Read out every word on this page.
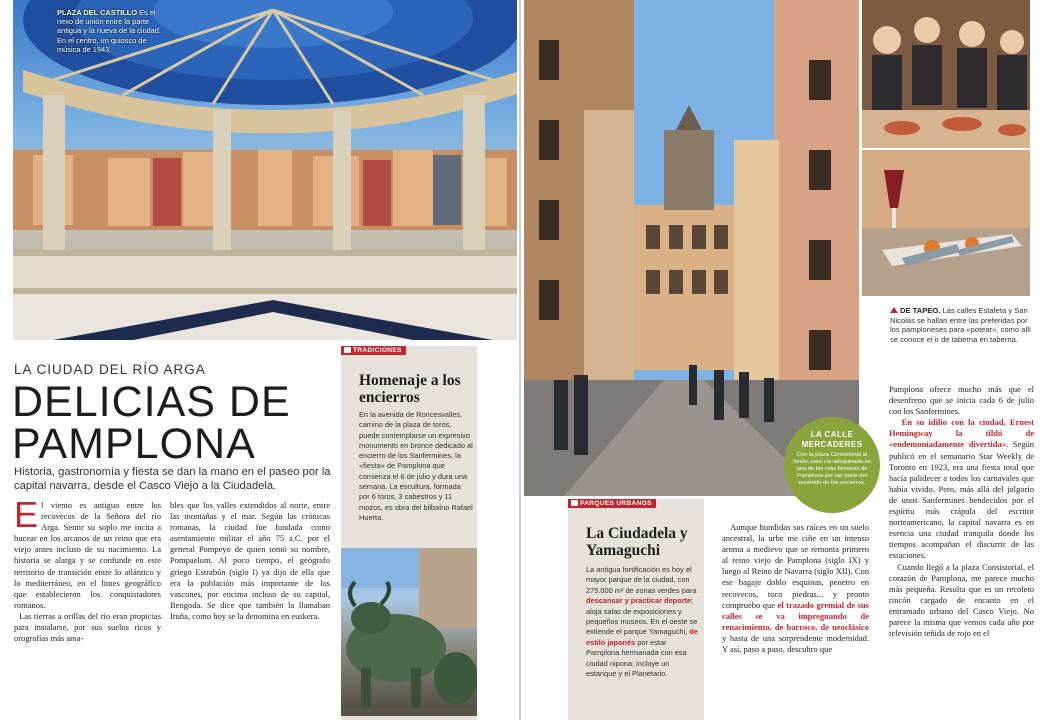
PLAZA DEL CASTILLO Es el nexo de unión entre la parte antigua y la nueva de la ciudad. En el centro, un quiosco de música de 1943.
LA CIUDAD DEL RÍO ARGA
DELICIAS DE
PAMPLONA
Historia, gastronomía y fiesta se dan la mano en el paseo por la capital navarra, desde el Casco Viejo a la Ciudadela.

El viento es antiguo entre los recovecos de la Señora del río Arga. Sentir su soplo me incita a bucear en los arcanos de un reino que era viejo antes incluso de su nacimiento. La historia se alarga y se confunde en este territorio de transición entre lo atlántico y lo mediterráneo, en el limes geográfico que establecieron los conquistadores romanos.

Las tierras a orillas del río eran propicias para instalarse, por sus suelos ricos y orografías más ama-

bles que los valles extendidos al norte, entre las montañas y el mar. Según las crónicas romanas, la ciudad fue fundada como asentamiento militar el año 75 a.C. por el general Pompeyo de quien tomó su nombre, Pompaelum. Al poco tiempo, el geógrafo griego Estrabón (siglo I) ya dijo de ella que era la población más importante de los vascones, por encima incluso de su capital, Bengoda. Se dice que también la llamaban Iruña, como hoy se la denomina en euskera.

TRADICIONES
Homenaje a los encierros
En la avenida de Roncesvalles, camino de la plaza de toros, puede contemplarse un expresivo monumento en bronce dedicado al encierro de los Sanfermines, la «fiesta» de Pamplona que comienza el 6 de julio y dura una semana. La escultura, formada por 6 toros, 3 cabestros y 11 mozos, es obra del bilbaíno Rafael Huerta.
DE TAPEO. Las calles Estafeta y San Nicolás se hallan entre las preferidas por los pamploneses para «potear», como allí se conoce el ir de taberna en taberna.
LA CALLE
MERCADERES
Con la plaza Consistorial al fondo, esta vía adoquinada es una de las más famosas de Pamplona por ser parte del recorrido de los encierros.
PARQUES URBANOS
La Ciudadela y Yamaguchi
La antigua fortificación es hoy el mayor parque de la ciudad, con 275.000 m² de zonas verdes para descansar y practicar deporte; aloja salas de exposiciones y pequeños museos. En el oeste se extiende el parque Yamaguchi, de estilo japonés por estar Pamplona hermanada con esa ciudad nipona; incluye un estanque y el Planetario.

Aunque hundidas sus raíces en un suelo ancestral, la urbe me ciñe en un intenso aroma a medievo que se remonta primero al reino viejo de Pamplona (siglo IX) y luego al Reino de Navarra (siglo XII). Con ese bagaje doblo esquinas, penetro en recovecos, toco piedras... y pronto compruebo que el trazado gremial de sus calles se va impregnando de renacimiento, de barroco, de neoclásico y hasta de una sorprendente modernidad. Y así, paso a paso, descubro que

Pamplona ofrece mucho más que el desenfreno que se inicia cada 6 de julio con los Sanfermines.

En su idilio con la ciudad, Ernest Hemingway la tildó de «endemoniadamente divertida». Según publicó en el semanario Star Weekly de Toronto en 1923, era una fiesta total que hacía palidecer a todos los carnavales que había vivido. Pero, más allá del jolgorio de unos Sanfermines bendecidos por el espíritu más crápula del escritor norteamericano, la capital navarra es en esencia una ciudad tranquila donde los tiempos acompañan el discurrir de las estaciones.

Cuando llegó a la plaza Consistorial, el corazón de Pamplona, me parece mucho más pequeña. Resulta que es un recoleto rincón cargado de encanto en el entramado urbano del Casco Viejo. No parece la misma que vemos cada año por televisión teñida de rojo en el
